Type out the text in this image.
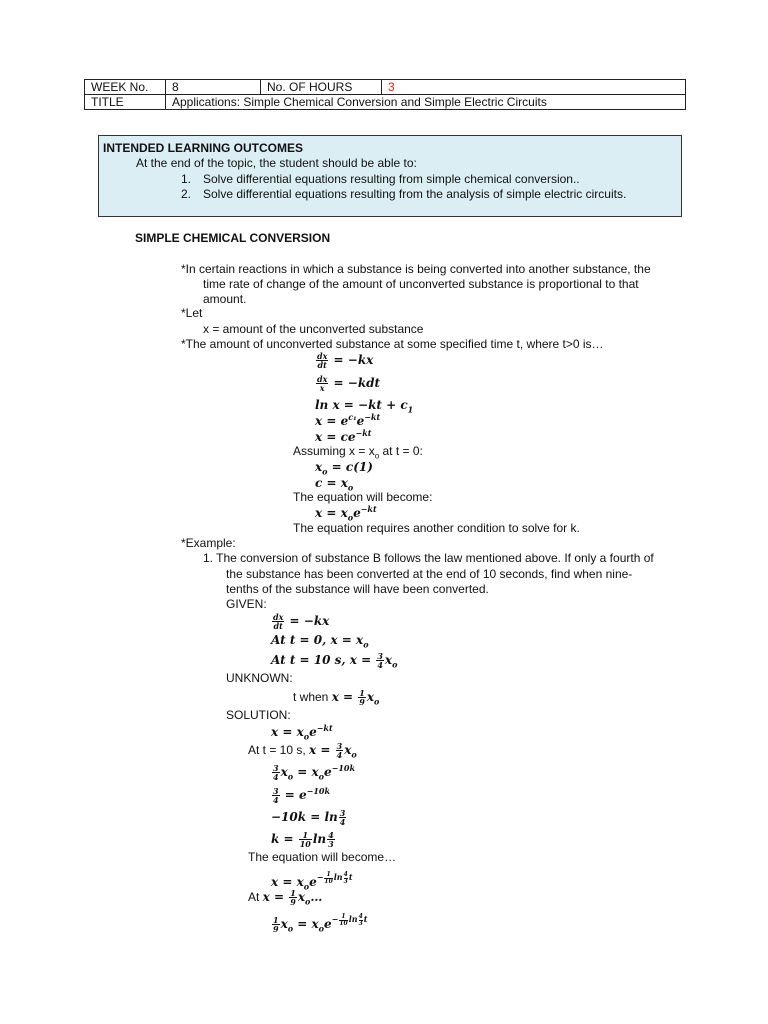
WEEK No.	8	No. OF HOURS	3
TITLE	Applications: Simple Chemical Conversion and Simple Electric Circuits		
INTENDED LEARNING OUTCOMES
At the end of the topic, the student should be able to:
1. Solve differential equations resulting from simple chemical conversion..
2. Solve differential equations resulting from the analysis of simple electric circuits.
SIMPLE CHEMICAL CONVERSION
*In certain reactions in which a substance is being converted into another substance, the
time rate of change of the amount of unconverted substance is proportional to that
amount.
*Let
x = amount of the unconverted substance
*The amount of unconverted substance at some specified time t, where t>0 is…
$\frac{dx}{dt} = -kx$
$\frac{dx}{x} = -kdt$
$\ln x = -kt + c_1$
$x = e^{c_1}e^{-kt}$
$x = ce^{-kt}$
Assuming $x = x_o$ at t = 0:
$x_o = c(1)$
$c = x_o$
The equation will become:
$x = x_oe^{-kt}$
The equation requires another condition to solve for k.
*Example:
1. The conversion of substance B follows the law mentioned above. If only a fourth of
the substance has been converted at the end of 10 seconds, find when nine-
tenths of the substance will have been converted.
GIVEN:
$\frac{dx}{dt} = -kx$
At t = 0, $x = x_o$
At t = 10 s, $x = \frac{3}{4} x_o$
UNKNOWN:
t when $x = \frac{1}{9} x_o$
SOLUTION:
$x = x_oe^{-kt}$
At t = 10 s, $x = \frac{3}{4} x_o$
$\frac{3}{4} x_o = x_oe^{-10k}$
$\frac{3}{4} = e^{-10k}$
$-10k = \ln \frac{3}{4}$
$k = \frac{1}{10}$ $\ln \frac{4}{3}$
The equation will become…
$x = x_oe^{- \frac{1}{10}ln \frac{4}{3}t}$
At $x = \frac{1}{9}$ $x_o\dots$
$\frac{1}{9} x_o = x_oe^{- \frac{1}{10}ln \frac{4}{3}t}$
